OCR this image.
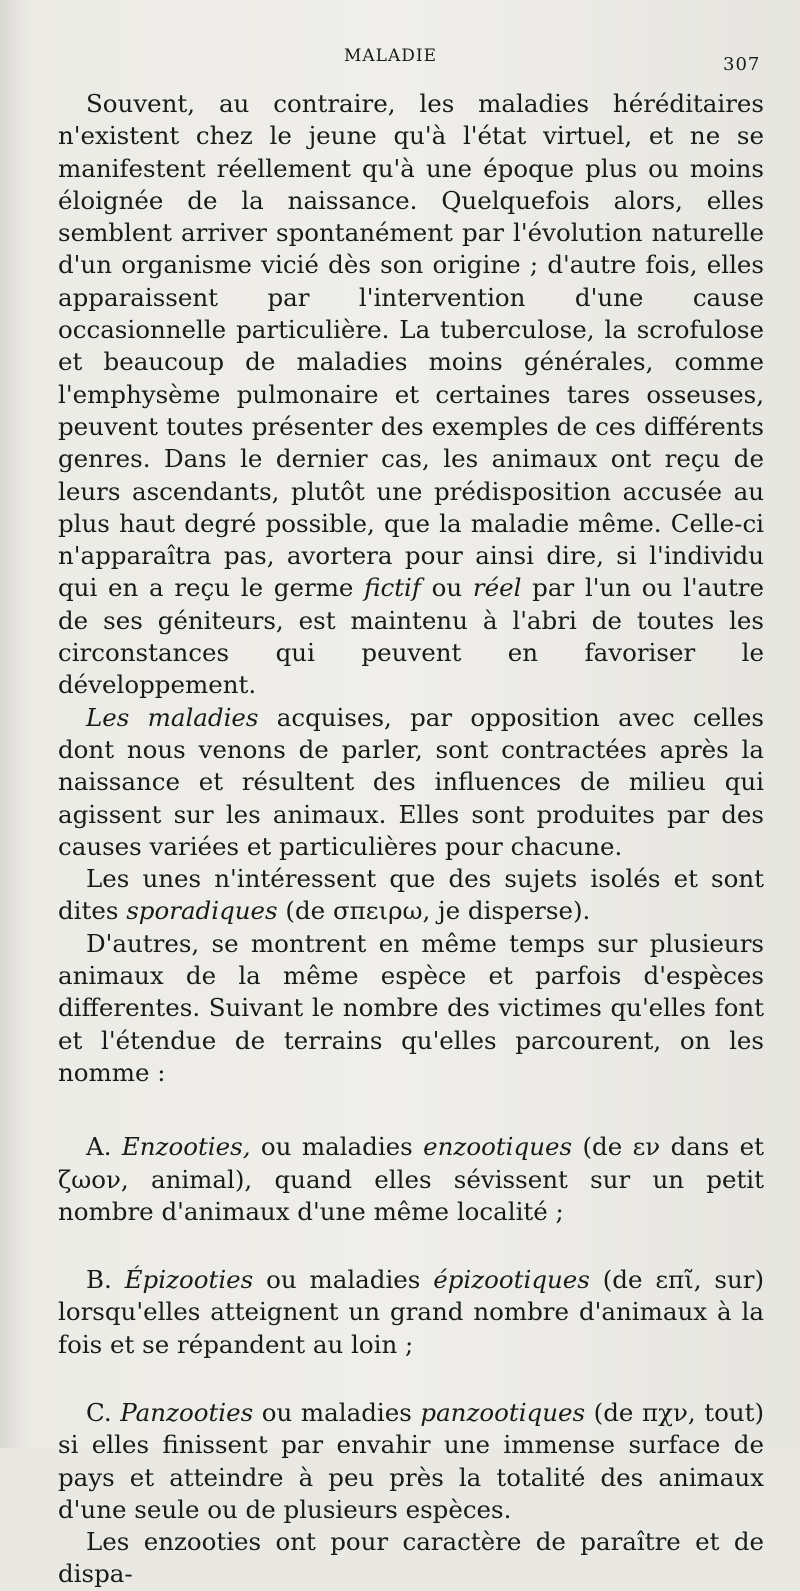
MALADIE	307

Souvent, au contraire, les maladies héréditaires n'existent chez le jeune qu'à l'état virtuel, et ne se manifestent réellement qu'à une époque plus ou moins éloignée de la naissance. Quelquefois alors, elles semblent arriver spontanément par l'évolution naturelle d'un organisme vicié dès son origine ; d'autre fois, elles apparaissent par l'intervention d'une cause occasionnelle particulière. La tuberculose, la scrofulose et beaucoup de maladies moins générales, comme l'emphysème pulmonaire et certaines tares osseuses, peuvent toutes présenter des exemples de ces différents genres. Dans le dernier cas, les animaux ont reçu de leurs ascendants, plutôt une prédisposition accusée au plus haut degré possible, que la maladie même. Celle-ci n'apparaîtra pas, avortera pour ainsi dire, si l'individu qui en a reçu le germe fictif ou réel par l'un ou l'autre de ses géniteurs, est maintenu à l'abri de toutes les circonstances qui peuvent en favoriser le développement.

Les maladies acquises, par opposition avec celles dont nous venons de parler, sont contractées après la naissance et résultent des influences de milieu qui agissent sur les animaux. Elles sont produites par des causes variées et particulières pour chacune.

Les unes n'intéressent que des sujets isolés et sont dites sporadiques (de σπειρω, je disperse).

D'autres, se montrent en même temps sur plusieurs animaux de la même espèce et parfois d'espèces differentes. Suivant le nombre des victimes qu'elles font et l'étendue de terrains qu'elles parcourent, on les nomme :

A. Enzooties, ou maladies enzootiques (de εν dans et ζωον, animal), quand elles sévissent sur un petit nombre d'animaux d'une même localité ;

B. Épizooties ou maladies épizootiques (de επῖ, sur) lorsqu'elles atteignent un grand nombre d'animaux à la fois et se répandent au loin ;

C. Panzooties ou maladies panzootiques (de πχν, tout) si elles finissent par envahir une immense surface de pays et atteindre à peu près la totalité des animaux d'une seule ou de plusieurs espèces.

Les enzooties ont pour caractère de paraître et de dispa-
